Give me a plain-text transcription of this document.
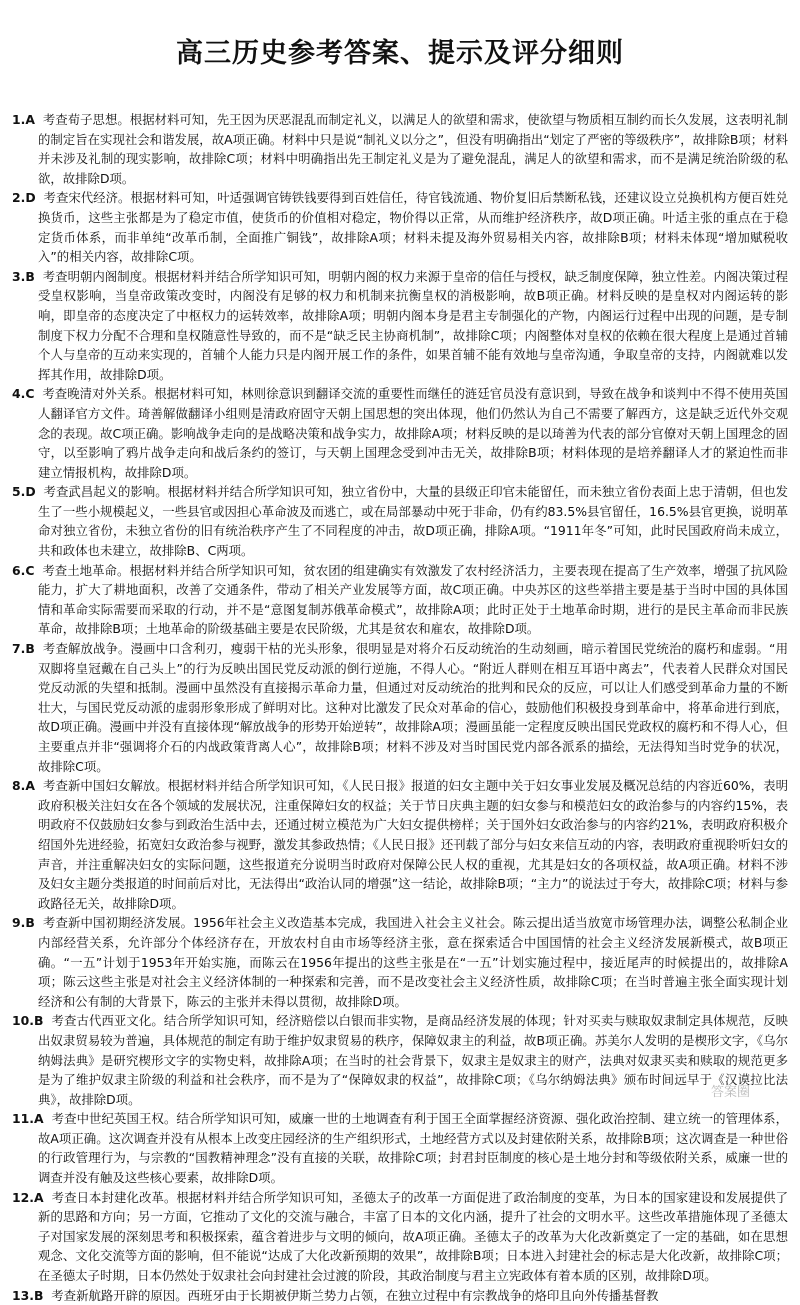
高三历史参考答案、提示及评分细则

1.A 考查荀子思想。根据材料可知，先王因为厌恶混乱而制定礼义，以满足人的欲望和需求，使欲望与物质相互制约而长久发展，这表明礼制的制定旨在实现社会和谐发展，故A项正确。材料中只是说“制礼义以分之”，但没有明确指出“划定了严密的等级秩序”，故排除B项；材料并未涉及礼制的现实影响，故排除C项；材料中明确指出先王制定礼义是为了避免混乱，满足人的欲望和需求，而不是满足统治阶级的私欲，故排除D项。

2.D 考查宋代经济。根据材料可知，叶适强调官铸铁钱要得到百姓信任，待官钱流通、物价复旧后禁断私钱，还建议设立兑换机构方便百姓兑换货币，这些主张都是为了稳定市值，使货币的价值相对稳定，物价得以正常，从而维护经济秩序，故D项正确。叶适主张的重点在于稳定货币体系，而非单纯“改革币制，全面推广铜钱”，故排除A项；材料未提及海外贸易相关内容，故排除B项；材料未体现“增加赋税收入”的相关内容，故排除C项。

3.B 考查明朝内阁制度。根据材料并结合所学知识可知，明朝内阁的权力来源于皇帝的信任与授权，缺乏制度保障，独立性差。内阁决策过程受皇权影响，当皇帝政策改变时，内阁没有足够的权力和机制来抗衡皇权的消极影响，故B项正确。材料反映的是皇权对内阁运转的影响，即皇帝的态度决定了中枢权力的运转效率，故排除A项；明朝内阁本身是君主专制强化的产物，内阁运行过程中出现的问题，是专制制度下权力分配不合理和皇权随意性导致的，而不是“缺乏民主协商机制”，故排除C项；内阁整体对皇权的依赖在很大程度上是通过首辅个人与皇帝的互动来实现的，首辅个人能力只是内阁开展工作的条件，如果首辅不能有效地与皇帝沟通，争取皇帝的支持，内阁就难以发挥其作用，故排除D项。

4.C 考查晚清对外关系。根据材料可知，林则徐意识到翻译交流的重要性而继任的涟廷官员没有意识到，导致在战争和谈判中不得不使用英国人翻译官方文件。琦善解做翻译小组则是清政府固守天朝上国思想的突出体现，他们仍然认为自己不需要了解西方，这是缺乏近代外交观念的表现。故C项正确。影响战争走向的是战略决策和战争实力，故排除A项；材料反映的是以琦善为代表的部分官僚对天朝上国理念的固守，以至影响了鸦片战争走向和战后条约的签订，与天朝上国理念受到冲击无关，故排除B项；材料体现的是培养翻译人才的紧迫性而非建立情报机构，故排除D项。

5.D 考查武昌起义的影响。根据材料并结合所学知识可知，独立省份中，大量的县级正印官未能留任，而未独立省份表面上忠于清朝，但也发生了一些小规模起义，一些县官或因担心革命波及而逃亡，或在局部暴动中死于非命，仍有约83.5%县官留任，16.5%县官更换，说明革命对独立省份，未独立省份的旧有统治秩序产生了不同程度的冲击，故D项正确，排除A项。“1911年冬”可知，此时民国政府尚未成立，共和政体也未建立，故排除B、C两项。

6.C 考查土地革命。根据材料并结合所学知识可知，贫农团的组建确实有效激发了农村经济活力，主要表现在提高了生产效率，增强了抗风险能力，扩大了耕地面积，改善了交通条件，带动了相关产业发展等方面，故C项正确。中央苏区的这些举措主要是基于当时中国的具体国情和革命实际需要而采取的行动，并不是“意图复制苏俄革命模式”，故排除A项；此时正处于土地革命时期，进行的是民主革命而非民族革命，故排除B项；土地革命的阶级基础主要是农民阶级，尤其是贫农和雇农，故排除D项。

7.B 考查解放战争。漫画中口含利刃，瘦弱干枯的光头形象，很明显是对将介石反动统治的生动刻画，暗示着国民党统治的腐朽和虚弱。“用双脚将皇冠戴在自己头上”的行为反映出国民党反动派的倒行逆施，不得人心。“附近人群则在相互耳语中离去”，代表着人民群众对国民党反动派的失望和抵制。漫画中虽然没有直接揭示革命力量，但通过对反动统治的批判和民众的反应，可以让人们感受到革命力量的不断壮大，与国民党反动派的虚弱形象形成了鲜明对比。这种对比激发了民众对革命的信心，鼓励他们积极投身到革命中，将革命进行到底，故D项正确。漫画中并没有直接体现“解放战争的形势开始逆转”，故排除A项；漫画虽能一定程度反映出国民党政权的腐朽和不得人心，但主要重点并非“强调将介石的内战政策背离人心”，故排除B项；材料不涉及对当时国民党内部各派系的描绘，无法得知当时党争的状况，故排除C项。

8.A 考查新中国妇女解放。根据材料并结合所学知识可知，《人民日报》报道的妇女主题中关于妇女事业发展及概况总结的内容近60%，表明政府积极关注妇女在各个领域的发展状况，注重保障妇女的权益；关于节日庆典主题的妇女参与和模范妇女的政治参与的内容约15%，表明政府不仅鼓励妇女参与到政治生活中去，还通过树立模范为广大妇女提供榜样；关于国外妇女政治参与的内容约21%，表明政府积极介绍国外先进经验，拓宽妇女政治参与视野，激发其参政热情；《人民日报》还刊载了部分与妇女来信互动的内容，表明政府重视聆听妇女的声音，并注重解决妇女的实际问题，这些报道充分说明当时政府对保障公民人权的重视，尤其是妇女的各项权益，故A项正确。材料不涉及妇女主题分类报道的时间前后对比，无法得出“政治认同的增强”这一结论，故排除B项；“主力”的说法过于夸大，故排除C项；材料与参政路径无关，故排除D项。

9.B 考查新中国初期经济发展。1956年社会主义改造基本完成，我国进入社会主义社会。陈云提出适当放宽市场管理办法，调整公私制企业内部经营关系，允许部分个体经济存在，开放农村自由市场等经济主张，意在探索适合中国国情的社会主义经济发展新模式，故B项正确。“一五”计划于1953年开始实施，而陈云在1956年提出的这些主张是在“一五”计划实施过程中，接近尾声的时候提出的，故排除A项；陈云这些主张是对社会主义经济体制的一种探索和完善，而不是改变社会主义经济性质，故排除C项；在当时普遍主张全面实现计划经济和公有制的大背景下，陈云的主张并未得以贯彻，故排除D项。

10.B 考查古代西亚文化。结合所学知识可知，经济赔偿以白银而非实物，是商品经济发展的体现；针对买卖与赎取奴隶制定具体规范，反映出奴隶贸易较为普遍，具体规范的制定有助于维护奴隶贸易的秩序，保障奴隶主的利益，故B项正确。苏美尔人发明的是楔形文字，《乌尔纳姆法典》是研究楔形文字的实物史料，故排除A项；在当时的社会背景下，奴隶主是奴隶主的财产，法典对奴隶买卖和赎取的规范更多是为了维护奴隶主阶级的利益和社会秩序，而不是为了“保障奴隶的权益”，故排除C项；《乌尔纳姆法典》颁布时间远早于《汉谟拉比法典》，故排除D项。

11.A 考查中世纪英国王权。结合所学知识可知，威廉一世的土地调查有利于国王全面掌握经济资源、强化政治控制、建立统一的管理体系，故A项正确。这次调查并没有从根本上改变庄园经济的生产组织形式，土地经营方式以及封建依附关系，故排除B项；这次调查是一种世俗的行政管理行为，与宗教的“国教精神理念”没有直接的关联，故排除C项；封君封臣制度的核心是土地分封和等级依附关系，威廉一世的调查并没有触及这些核心要素，故排除D项。

12.A 考查日本封建化改革。根据材料并结合所学知识可知，圣德太子的改革一方面促进了政治制度的变革，为日本的国家建设和发展提供了新的思路和方向；另一方面，它推动了文化的交流与融合，丰富了日本的文化内涵，提升了社会的文明水平。这些改革措施体现了圣德太子对国家发展的深刻思考和积极探索，蕴含着进步与文明的倾向，故A项正确。圣德太子的改革为大化改新奠定了一定的基础，如在思想观念、文化交流等方面的影响，但不能说“达成了大化改新预期的效果”，故排除B项；日本进入封建社会的标志是大化改新，故排除C项；在圣德太子时期，日本仍然处于奴隶社会向封建社会过渡的阶段，其政治制度与君主立宪政体有着本质的区别，故排除D项。

13.B 考查新航路开辟的原因。西班牙由于长期被伊斯兰势力占领，在独立过程中有宗教战争的烙印且向外传播基督教

答案圈
